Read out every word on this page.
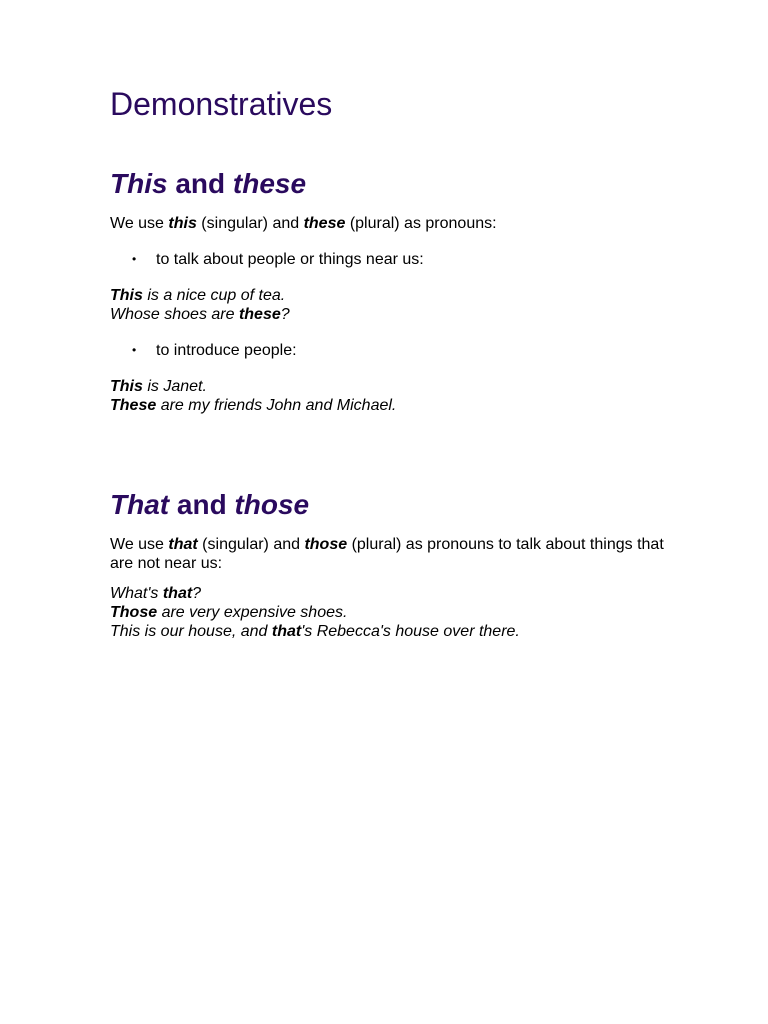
Demonstratives
This and these

We use this (singular) and these (plural) as pronouns:

• to talk about people or things near us:

This is a nice cup of tea.

Whose shoes are these?

• to introduce people:

This is Janet.

These are my friends John and Michael.

That and those

We use that (singular) and those (plural) as pronouns to talk about things that are not near us:

What's that?

Those are very expensive shoes.

This is our house, and that's Rebecca's house over there.
